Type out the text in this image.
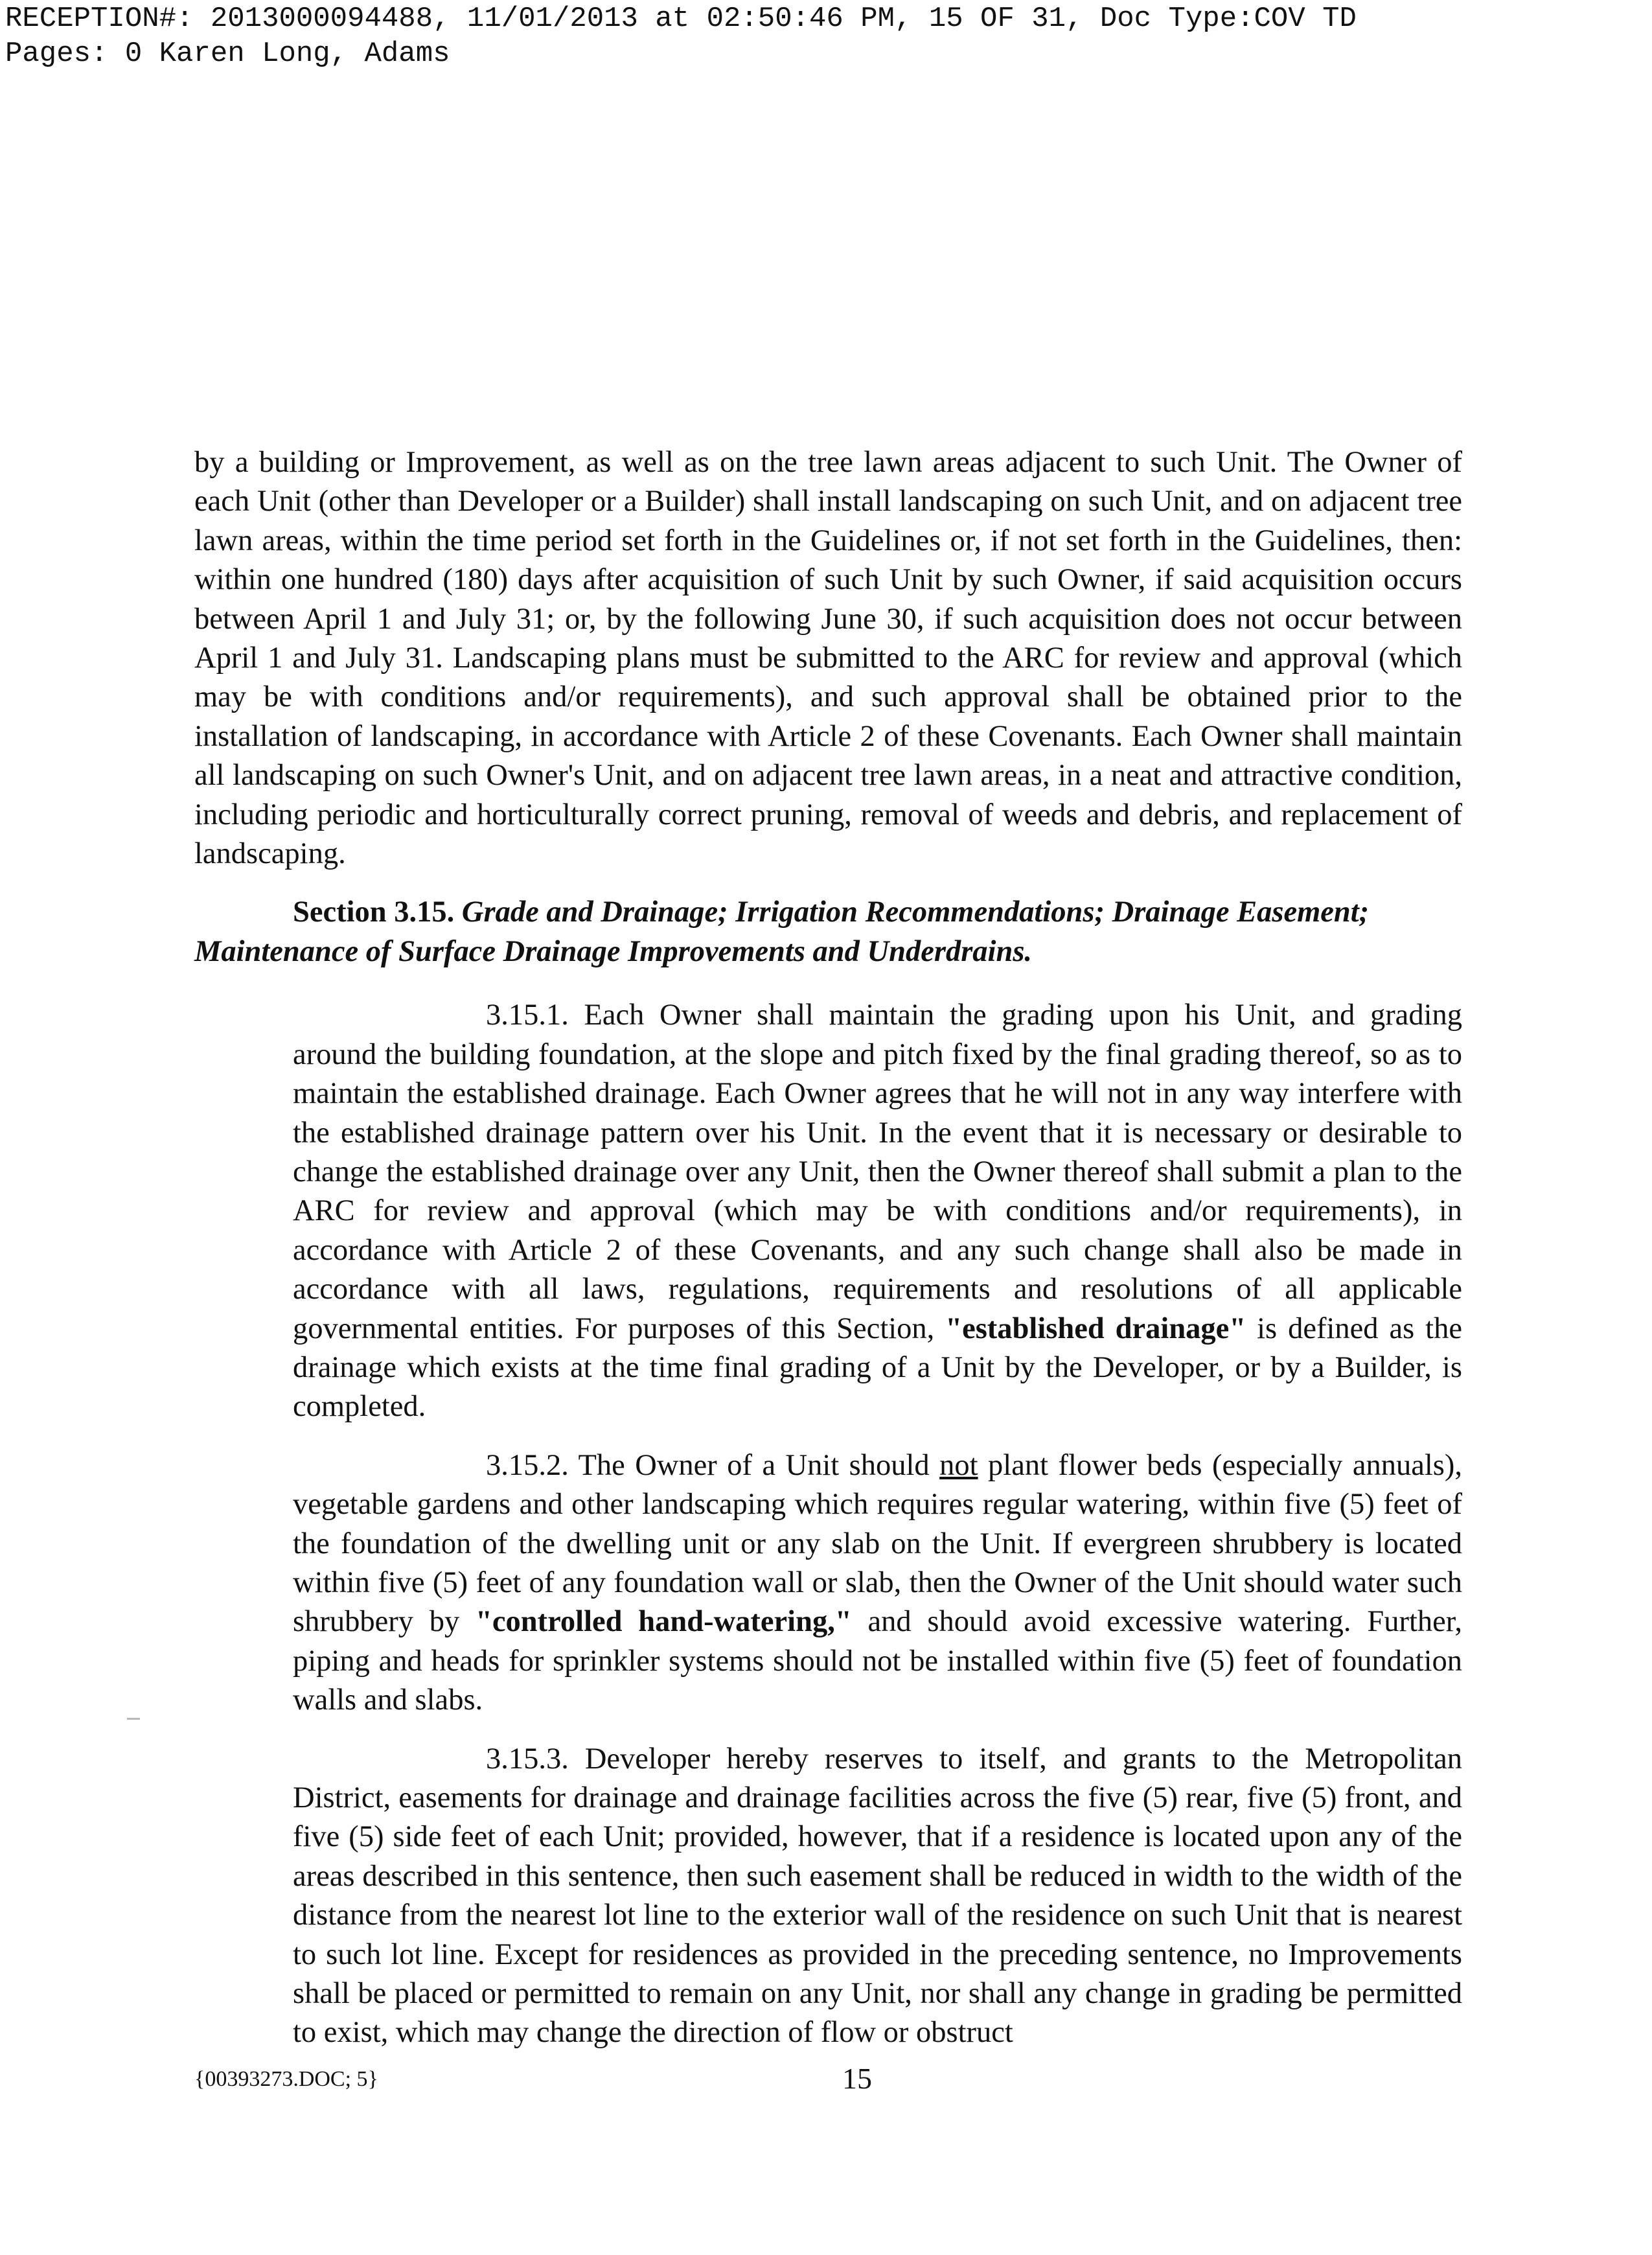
RECEPTION#: 2013000094488, 11/01/2013 at 02:50:46 PM, 15 OF 31, Doc Type:COV TD
Pages: 0 Karen Long, Adams

by a building or Improvement, as well as on the tree lawn areas adjacent to such Unit. The Owner of each Unit (other than Developer or a Builder) shall install landscaping on such Unit, and on adjacent tree lawn areas, within the time period set forth in the Guidelines or, if not set forth in the Guidelines, then: within one hundred (180) days after acquisition of such Unit by such Owner, if said acquisition occurs between April 1 and July 31; or, by the following June 30, if such acquisition does not occur between April 1 and July 31. Landscaping plans must be submitted to the ARC for review and approval (which may be with conditions and/or requirements), and such approval shall be obtained prior to the installation of landscaping, in accordance with Article 2 of these Covenants. Each Owner shall maintain all landscaping on such Owner's Unit, and on adjacent tree lawn areas, in a neat and attractive condition, including periodic and horticulturally correct pruning, removal of weeds and debris, and replacement of landscaping.

Section 3.15. Grade and Drainage; Irrigation Recommendations; Drainage Easement; Maintenance of Surface Drainage Improvements and Underdrains.

3.15.1. Each Owner shall maintain the grading upon his Unit, and grading around the building foundation, at the slope and pitch fixed by the final grading thereof, so as to maintain the established drainage. Each Owner agrees that he will not in any way interfere with the established drainage pattern over his Unit. In the event that it is necessary or desirable to change the established drainage over any Unit, then the Owner thereof shall submit a plan to the ARC for review and approval (which may be with conditions and/or requirements), in accordance with Article 2 of these Covenants, and any such change shall also be made in accordance with all laws, regulations, requirements and resolutions of all applicable governmental entities. For purposes of this Section, "established drainage" is defined as the drainage which exists at the time final grading of a Unit by the Developer, or by a Builder, is completed.

3.15.2. The Owner of a Unit should not plant flower beds (especially annuals), vegetable gardens and other landscaping which requires regular watering, within five (5) feet of the foundation of the dwelling unit or any slab on the Unit. If evergreen shrubbery is located within five (5) feet of any foundation wall or slab, then the Owner of the Unit should water such shrubbery by "controlled hand-watering," and should avoid excessive watering. Further, piping and heads for sprinkler systems should not be installed within five (5) feet of foundation walls and slabs.

3.15.3. Developer hereby reserves to itself, and grants to the Metropolitan District, easements for drainage and drainage facilities across the five (5) rear, five (5) front, and five (5) side feet of each Unit; provided, however, that if a residence is located upon any of the areas described in this sentence, then such easement shall be reduced in width to the width of the distance from the nearest lot line to the exterior wall of the residence on such Unit that is nearest to such lot line. Except for residences as provided in the preceding sentence, no Improvements shall be placed or permitted to remain on any Unit, nor shall any change in grading be permitted to exist, which may change the direction of flow or obstruct

{00393273.DOC; 5}	15
